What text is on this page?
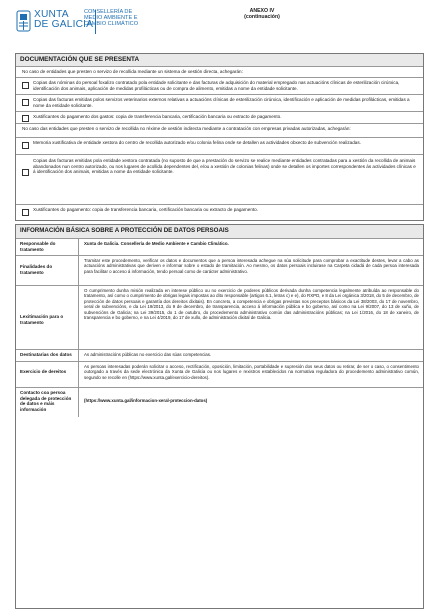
XUNTA
DE GALICIA
CONSELLERÍA DE
MEDIO AMBIENTE E
CAMBIO CLIMÁTICO
ANEXO IV
(continuación)
DOCUMENTACIÓN QUE SE PRESENTA
No caso de entidades que presten o servizo de recollida mediante un sistema de xestión directa, achegarán:
Copias das nóminas do persoal foxalizo contratado pola entidade solicitante e das facturas de adquisición do material empregado nas actuacións clínicas de esterilización cirúrxica, identificación dos animais, aplicación de medidas profilácticas ou de compra de alimento, emitidas a nome da entidade solicitante.
Copias das facturas emitidas polos servizos veterinarios externos relativas a actuacións clínicas de esterilización cirúrxica, identificación e aplicación de medidas profilácticas, emitidas a nome da entidade solicitante.
Xustificantes do pagamento dos gastos: copia de transferencia bancaria, certificación bancaria ou extracto de pagamento.
No caso das entidades que presten o servizo de recollida no réxime de xestión indirecta mediante a contratación con empresas privadas autorizadas, achegarán:
Memoria xustificativa de entidade xestora do centro de recollida autorizado e/ou colonia felina onde se detallen as actividades obxecto de subvención realizadas.
Copias das facturas emitidas pola entidade xestora contratada (no suposto de que a prestación do servizo se realice mediante entidades contratadas para a xestión da recollida de animais abandonados nun centro autorizado, ou nos lugares de acollida dependentes del, e/ou a xestión de colonias felinas) onde se detallen os importes correspondentes ás actividades clínicas e á identificación dos animais, emitidas a nome da entidade solicitante.
Xustificantes do pagamento: copia de transferencia bancaria, certificación bancaria ou extracto de pagamento.
INFORMACIÓN BÁSICA SOBRE A PROTECCIÓN DE DATOS PERSOAIS
Responsable do tratamento
Xunta de Galicia. Consellería de Medio Ambiente e Cambio Climático.
Finalidades do tratamento
Tramitar este procedemento, verificar os datos e documentos que a persoa interesada achegue na súa solicitude para comprobar a exactitude destes, levar a cabo as actuacións administrativas que deriven e informar sobre o estado de tramitación. Ao mesmo, os datos persoais incluirase na Carpeta cidadá de cada persoa interesada para facilitar o acceso á información, tendo persoal como de carácter administrativo.
Lexitimación para o tratamento
O cumprimento dunha misión realizada en interese público ou no exercicio de poderes públicos derivada dunha competencia legalmente atribuída ao responsable do tratamento, así como o cumprimento de obrigas legais impostas ao dito responsable (artigos 6.1, letras c) e e), do RXPD, e 8 da Lei orgánica 3/2018, do 5 de decembro, de protección de datos persoais e garantía dos dereitos dixitais). En concreto, a competencia e obrigas previstas nos preceptos básicos da Lei 38/2003, do 17 de novembro, xeral de subvencións, e da Lei 19/2013, do 9 de decembro, de transparencia, acceso á información pública e bo goberno, así como na Lei 9/2007, do 13 de xuño, de subvencións de Galicia; na Lei 39/2015, do 1 de outubro, do procedemento administrativo común das administracións públicas; na Lei 1/2016, do 18 de xaneiro, de transparencia e bo goberno, e na Lei 4/2019, do 17 de xullo, de administración dixital de Galicia.
Destinatarias dos datos	As administracións públicas no exercicio das súas competencias.
Exercicio de dereitos
As persoas interesadas poderán solicitar o acceso, rectificación, oposición, limitación, portabilidade e supresión dos seus datos ou retirar, de ser o caso, o consentimento outorgado a través da sede electrónica da Xunta de Galicia ou nos lugares e rexistros establecidos na normativa reguladora do procedemento administrativo común, segundo se recolle en (https://www.xunta.gal/exercicio-dereitos).
Contacto coa persoa delegada de protección de datos e máis información
(https://www.xunta.gal/informacion-xeral-proteccion-datos)
